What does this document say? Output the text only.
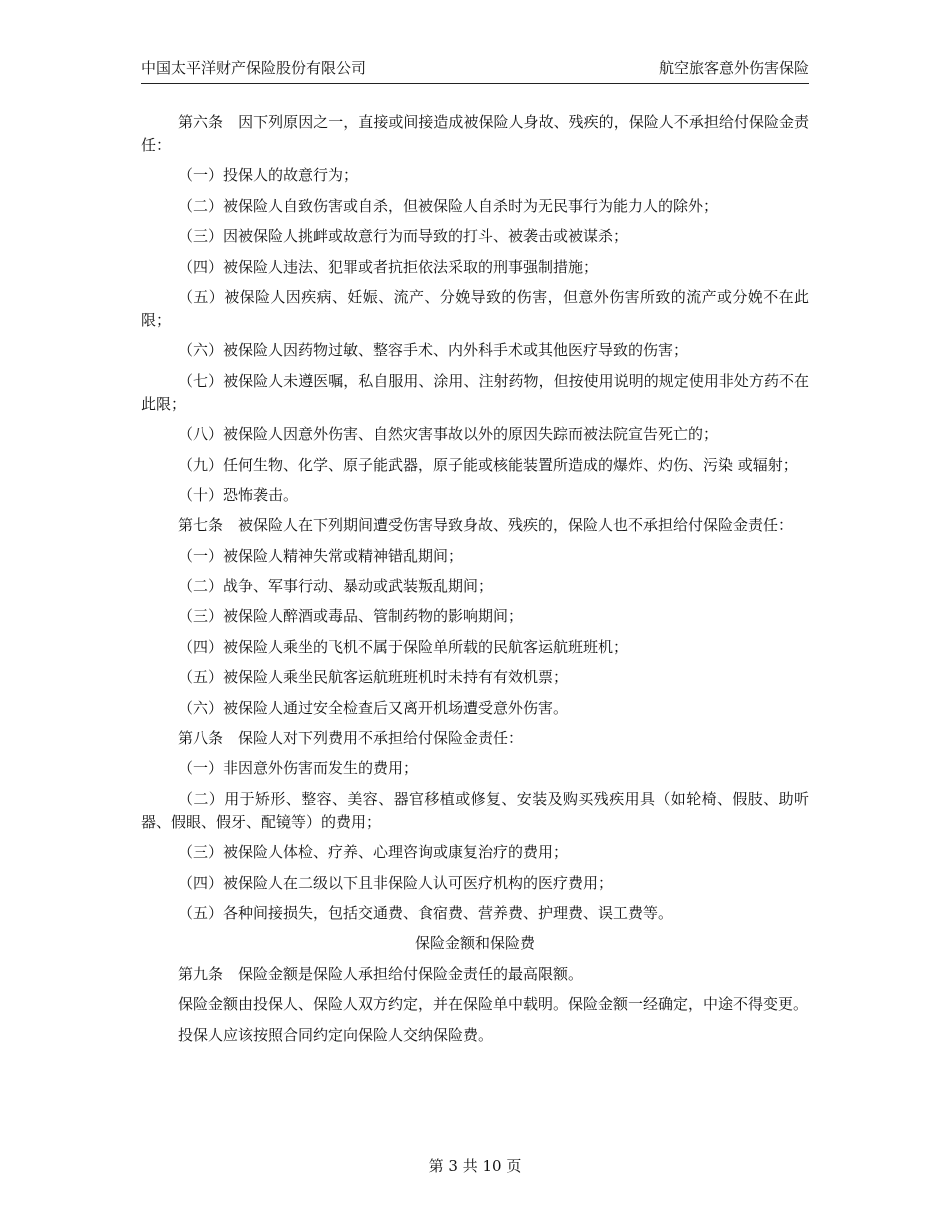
中国太平洋财产保险股份有限公司	航空旅客意外伤害保险

第六条　因下列原因之一，直接或间接造成被保险人身故、残疾的，保险人不承担给付保险金责任：

（一）投保人的故意行为；

（二）被保险人自致伤害或自杀，但被保险人自杀时为无民事行为能力人的除外；

（三）因被保险人挑衅或故意行为而导致的打斗、被袭击或被谋杀；

（四）被保险人违法、犯罪或者抗拒依法采取的刑事强制措施；

（五）被保险人因疾病、妊娠、流产、分娩导致的伤害，但意外伤害所致的流产或分娩不在此限；

（六）被保险人因药物过敏、整容手术、内外科手术或其他医疗导致的伤害；

（七）被保险人未遵医嘱，私自服用、涂用、注射药物，但按使用说明的规定使用非处方药不在此限；

（八）被保险人因意外伤害、自然灾害事故以外的原因失踪而被法院宣告死亡的；

（九）任何生物、化学、原子能武器，原子能或核能装置所造成的爆炸、灼伤、污染 或辐射；

（十）恐怖袭击。

第七条　被保险人在下列期间遭受伤害导致身故、残疾的，保险人也不承担给付保险金责任：

（一）被保险人精神失常或精神错乱期间；

（二）战争、军事行动、暴动或武装叛乱期间；

（三）被保险人醉酒或毒品、管制药物的影响期间；

（四）被保险人乘坐的飞机不属于保险单所载的民航客运航班班机；

（五）被保险人乘坐民航客运航班班机时未持有有效机票；

（六）被保险人通过安全检查后又离开机场遭受意外伤害。

第八条　保险人对下列费用不承担给付保险金责任：

（一）非因意外伤害而发生的费用；

（二）用于矫形、整容、美容、器官移植或修复、安装及购买残疾用具（如轮椅、假肢、助听器、假眼、假牙、配镜等）的费用；

（三）被保险人体检、疗养、心理咨询或康复治疗的费用；

（四）被保险人在二级以下且非保险人认可医疗机构的医疗费用；

（五）各种间接损失，包括交通费、食宿费、营养费、护理费、误工费等。

保险金额和保险费

第九条　保险金额是保险人承担给付保险金责任的最高限额。

保险金额由投保人、保险人双方约定，并在保险单中载明。保险金额一经确定，中途不得变更。

投保人应该按照合同约定向保险人交纳保险费。

第 3 共 10 页
